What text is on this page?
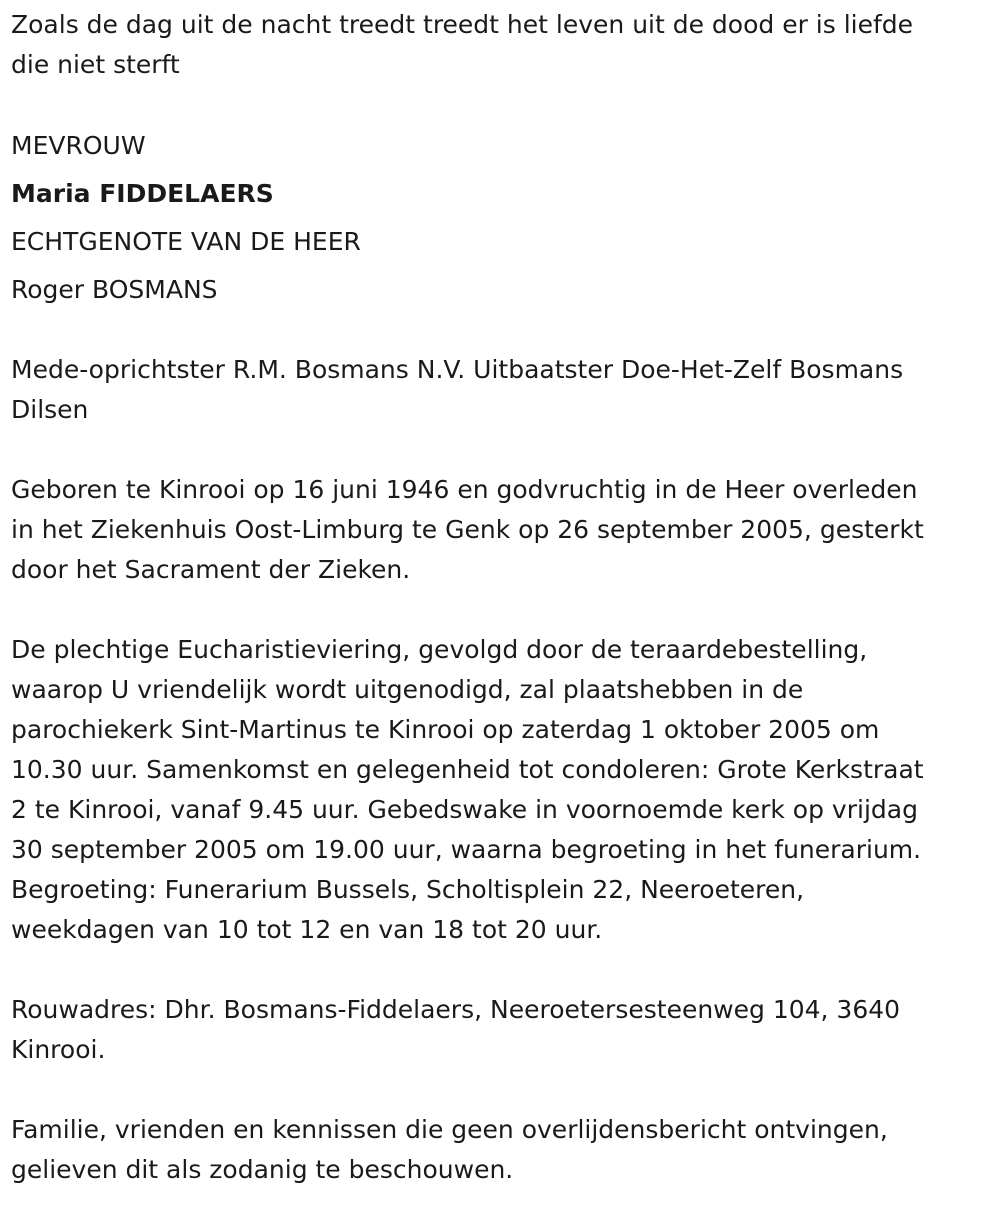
Zoals de dag uit de nacht treedt treedt het leven uit de dood er is liefde
die niet sterft

MEVROUW

Maria FIDDELAERS

ECHTGENOTE VAN DE HEER

Roger BOSMANS

Mede-oprichtster R.M. Bosmans N.V. Uitbaatster Doe-Het-Zelf Bosmans
Dilsen

Geboren te Kinrooi op 16 juni 1946 en godvruchtig in de Heer overleden
in het Ziekenhuis Oost-Limburg te Genk op 26 september 2005, gesterkt
door het Sacrament der Zieken.

De plechtige Eucharistieviering, gevolgd door de teraardebestelling,
waarop U vriendelijk wordt uitgenodigd, zal plaatshebben in de
parochiekerk Sint-Martinus te Kinrooi op zaterdag 1 oktober 2005 om
10.30 uur. Samenkomst en gelegenheid tot condoleren: Grote Kerkstraat
2 te Kinrooi, vanaf 9.45 uur. Gebedswake in voornoemde kerk op vrijdag
30 september 2005 om 19.00 uur, waarna begroeting in het funerarium.
Begroeting: Funerarium Bussels, Scholtisplein 22, Neeroeteren,
weekdagen van 10 tot 12 en van 18 tot 20 uur.

Rouwadres: Dhr. Bosmans-Fiddelaers, Neeroetersesteenweg 104, 3640
Kinrooi.

Familie, vrienden en kennissen die geen overlijdensbericht ontvingen,
gelieven dit als zodanig te beschouwen.
